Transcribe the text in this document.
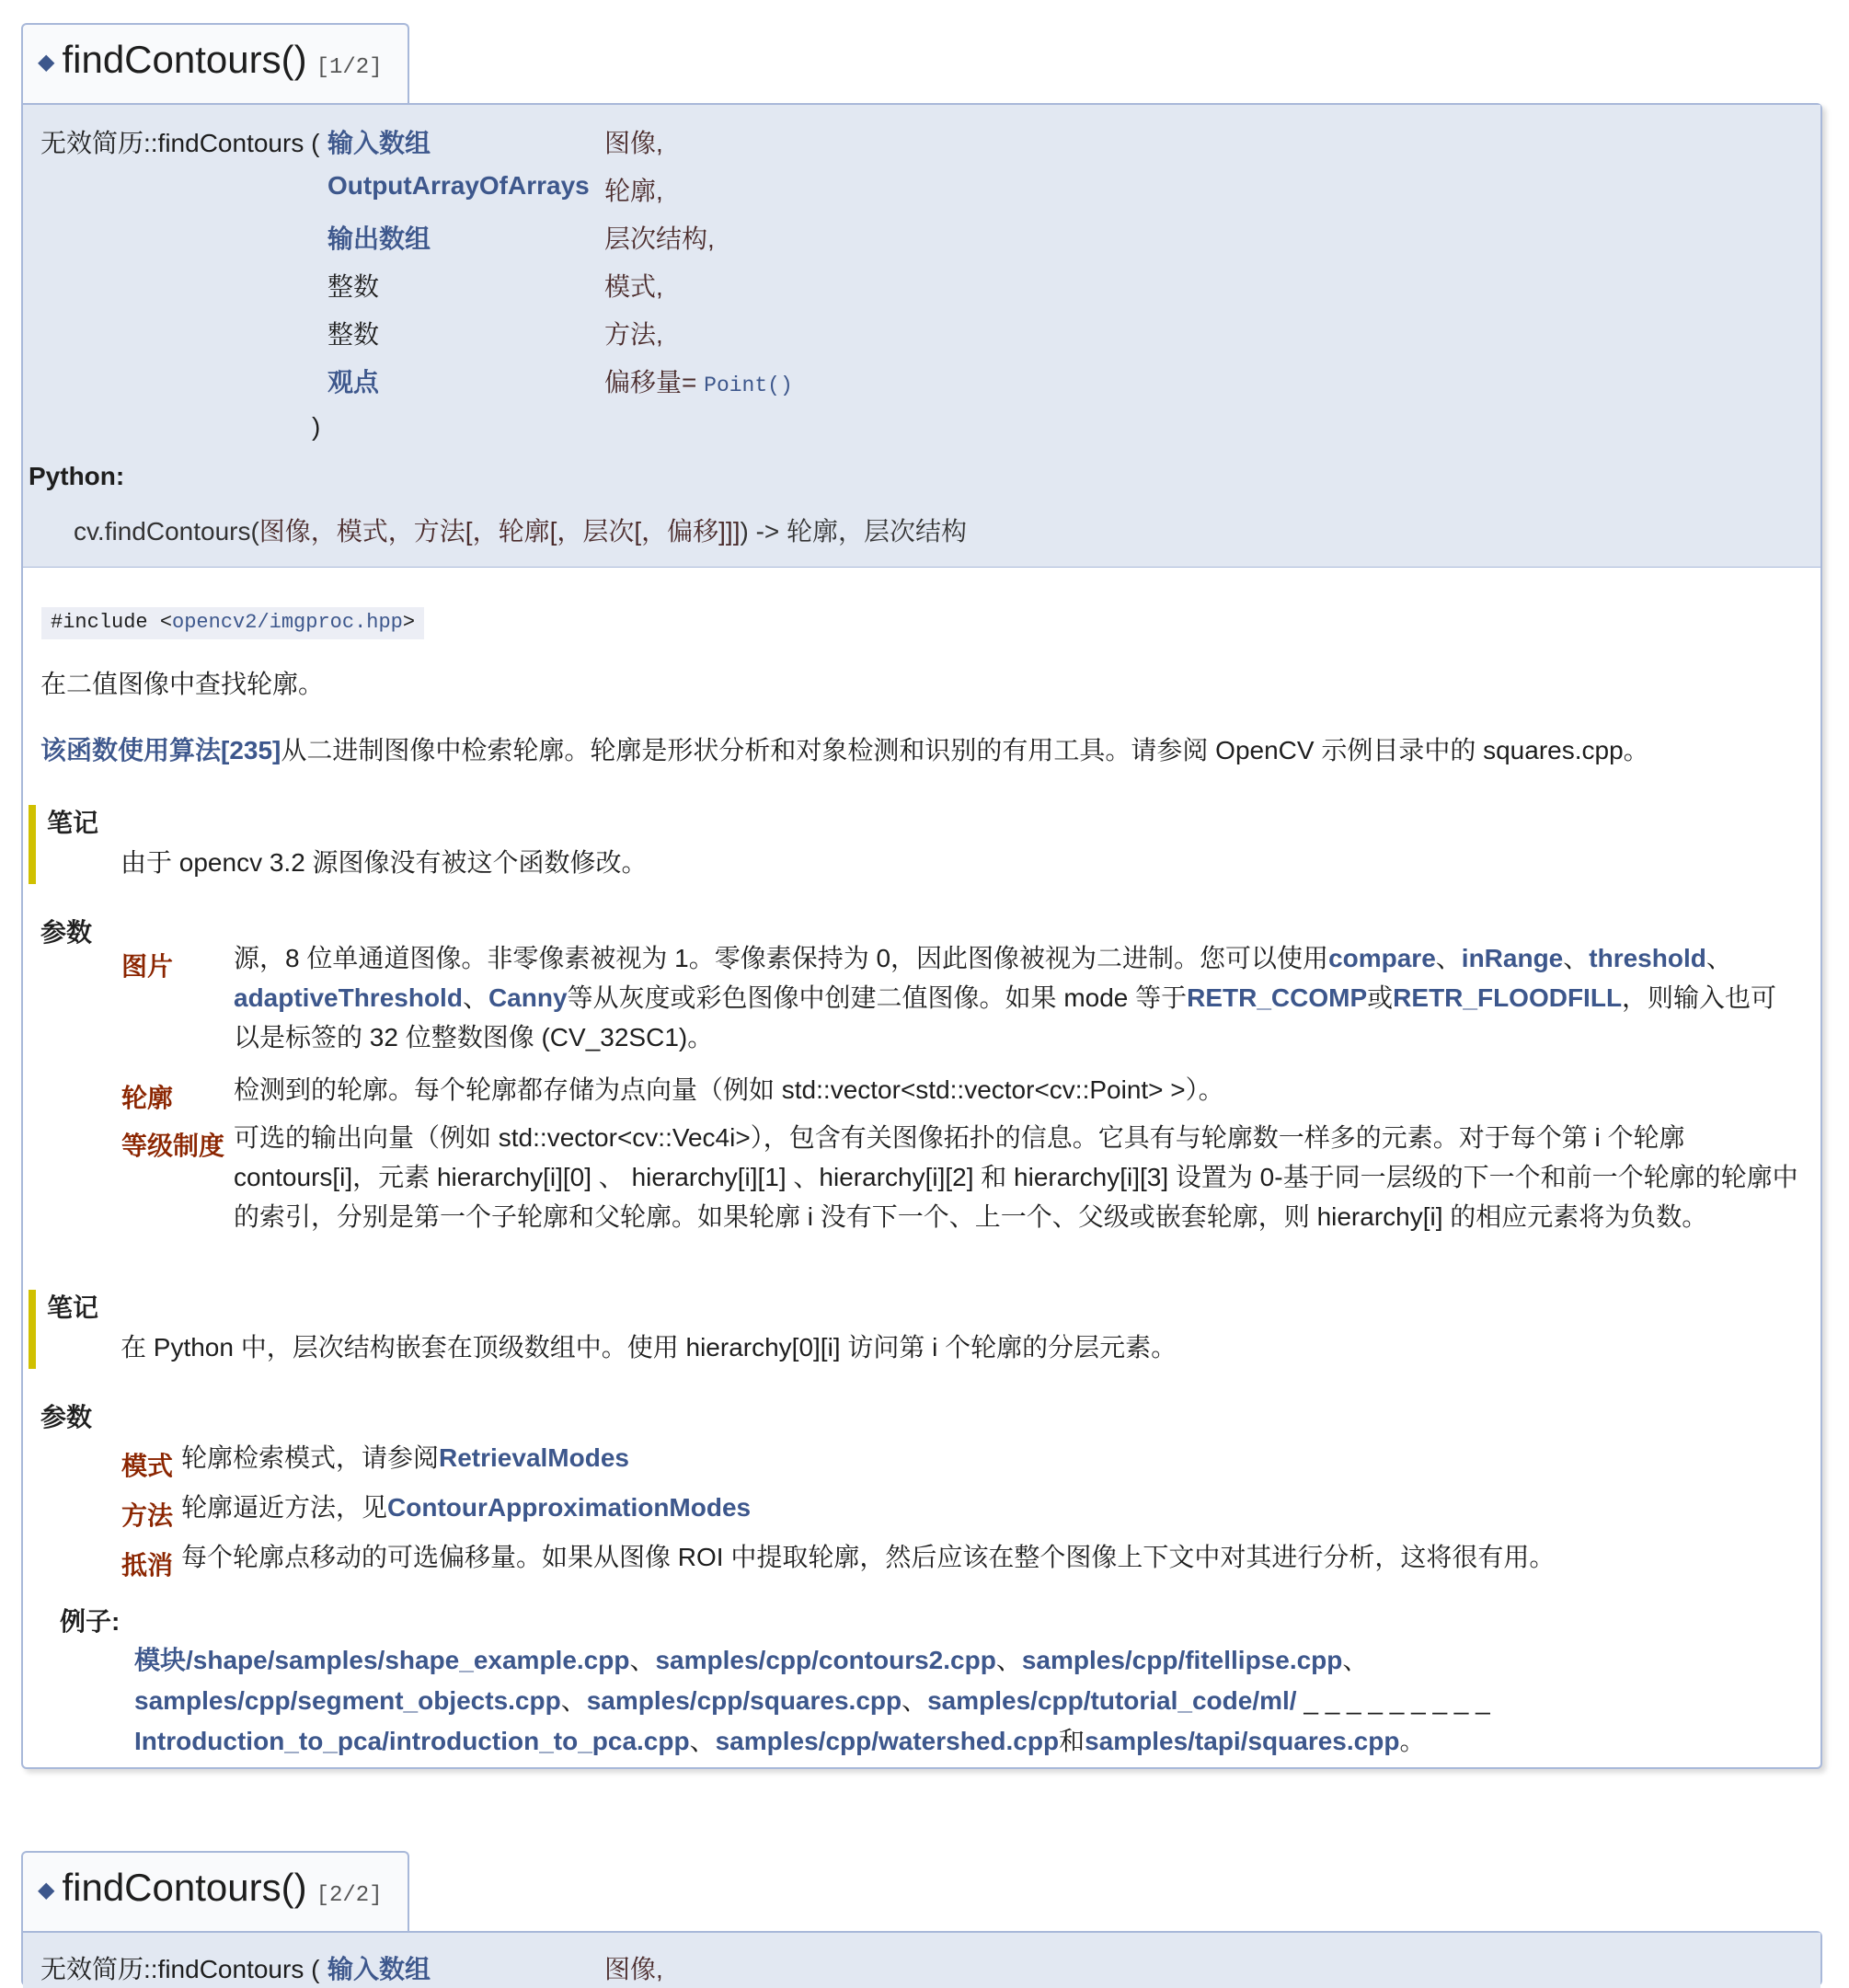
◆ findContours() [1/2]
无效简历::findContours ( 输入数组	图像,
OutputArrayOfArrays 轮廓,
输出数组	层次结构,
整数	模式,
整数	方法,
观点	偏移量= Point()
)
Python:
cv.findContours(图像，模式，方法[，轮廓[，层次[，偏移]]]) -> 轮廓，层次结构
#include <opencv2/imgproc.hpp>
在二值图像中查找轮廓。
该函数使用算法[235]从二进制图像中检索轮廓。轮廓是形状分析和对象检测和识别的有用工具。请参阅 OpenCV 示例目录中的 squares.cpp。
笔记
由于 opencv 3.2 源图像没有被这个函数修改。
参数
图片 源，8 位单通道图像。非零像素被视为 1。零像素保持为 0，因此图像被视为二进制。您可以使用compare、inRange、threshold、
adaptiveThreshold、Canny等从灰度或彩色图像中创建二值图像。如果 mode 等于RETR_CCOMP或RETR_FLOODFILL，则输入也可
以是标签的 32 位整数图像 (CV_32SC1)。
轮廓 检测到的轮廓。每个轮廓都存储为点向量（例如 std::vector<std::vector<cv::Point> >）。
等级制度 可选的输出向量（例如 std::vector<cv::Vec4i>），包含有关图像拓扑的信息。它具有与轮廓数一样多的元素。对于每个第 i 个轮廓
contours[i]，元素 hierarchy[i][0] 、 hierarchy[i][1] 、hierarchy[i][2] 和 hierarchy[i][3] 设置为 0-基于同一层级的下一个和前一个轮廓的轮廓中
的索引，分别是第一个子轮廓和父轮廓。如果轮廓 i 没有下一个、上一个、父级或嵌套轮廓，则 hierarchy[i] 的相应元素将为负数。
笔记
在 Python 中，层次结构嵌套在顶级数组中。使用 hierarchy[0][i] 访问第 i 个轮廓的分层元素。
参数
模式 轮廓检索模式，请参阅RetrievalModes
方法 轮廓逼近方法，见ContourApproximationModes
抵消 每个轮廓点移动的可选偏移量。如果从图像 ROI 中提取轮廓，然后应该在整个图像上下文中对其进行分析，这将很有用。
例子:
模块/shape/samples/shape_example.cpp、samples/cpp/contours2.cpp、samples/cpp/fitellipse.cpp、
samples/cpp/segment_objects.cpp、samples/cpp/squares.cpp、samples/cpp/tutorial_code/ml/ _ _ _ _ _ _ _ _ _
Introduction_to_pca/introduction_to_pca.cpp、samples/cpp/watershed.cpp和samples/tapi/squares.cpp。
◆ findContours() [2/2]
无效简历::findContours ( 输入数组	图像,
